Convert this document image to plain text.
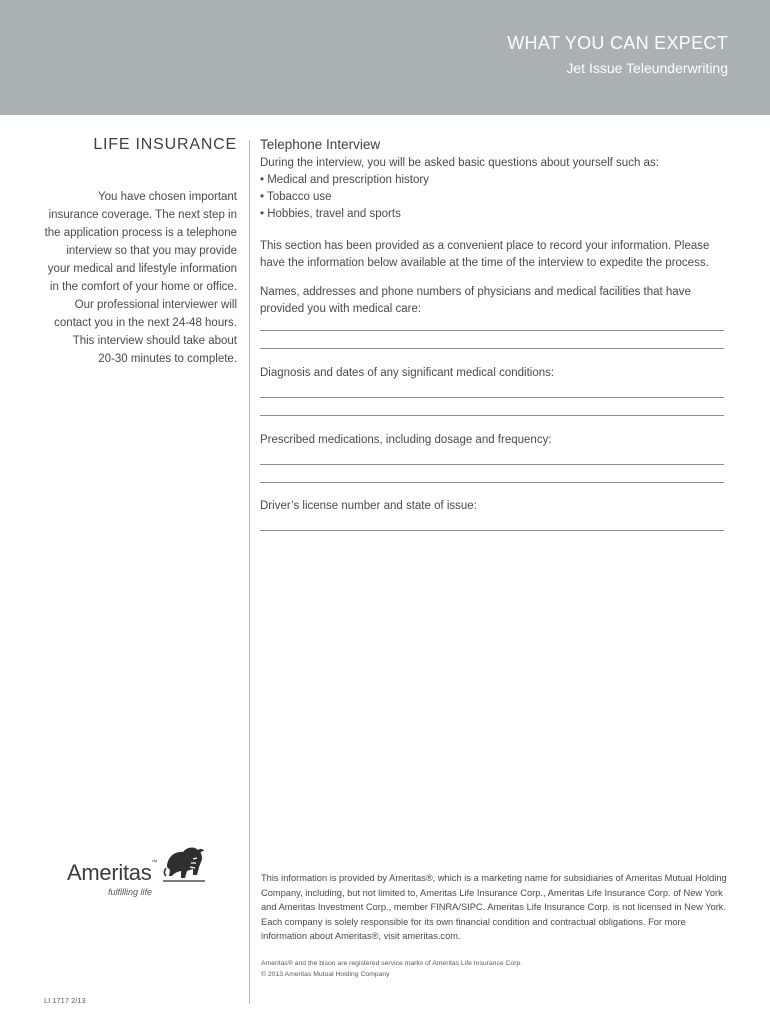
WHAT YOU CAN EXPECT
Jet Issue Teleunderwriting
LIFE INSURANCE
You have chosen important
insurance coverage. The next step in
the application process is a telephone
interview so that you may provide
your medical and lifestyle information
in the comfort of your home or office.
Our professional interviewer will
contact you in the next 24-48 hours.
This interview should take about
20-30 minutes to complete.
Telephone Interview
During the interview, you will be asked basic questions about yourself such as:
• Medical and prescription history
• Tobacco use
• Hobbies, travel and sports
This section has been provided as a convenient place to record your information. Please have the information below available at the time of the interview to expedite the process.
Names, addresses and phone numbers of physicians and medical facilities that have provided you with medical care:
Diagnosis and dates of any significant medical conditions:
Prescribed medications, including dosage and frequency:
Driver’s license number and state of issue:
Ameritas™
fulfilling life
This information is provided by Ameritas®, which is a marketing name for subsidiaries of Ameritas Mutual Holding Company, including, but not limited to, Ameritas Life Insurance Corp., Ameritas Life Insurance Corp. of New York and Ameritas Investment Corp., member FINRA/SIPC. Ameritas Life Insurance Corp. is not licensed in New York. Each company is solely responsible for its own financial condition and contractual obligations. For more information about Ameritas®, visit ameritas.com.
Ameritas® and the bison are registered service marks of Ameritas Life Insurance Corp.
© 2013 Ameritas Mutual Holding Company
LI 1717 2/13
